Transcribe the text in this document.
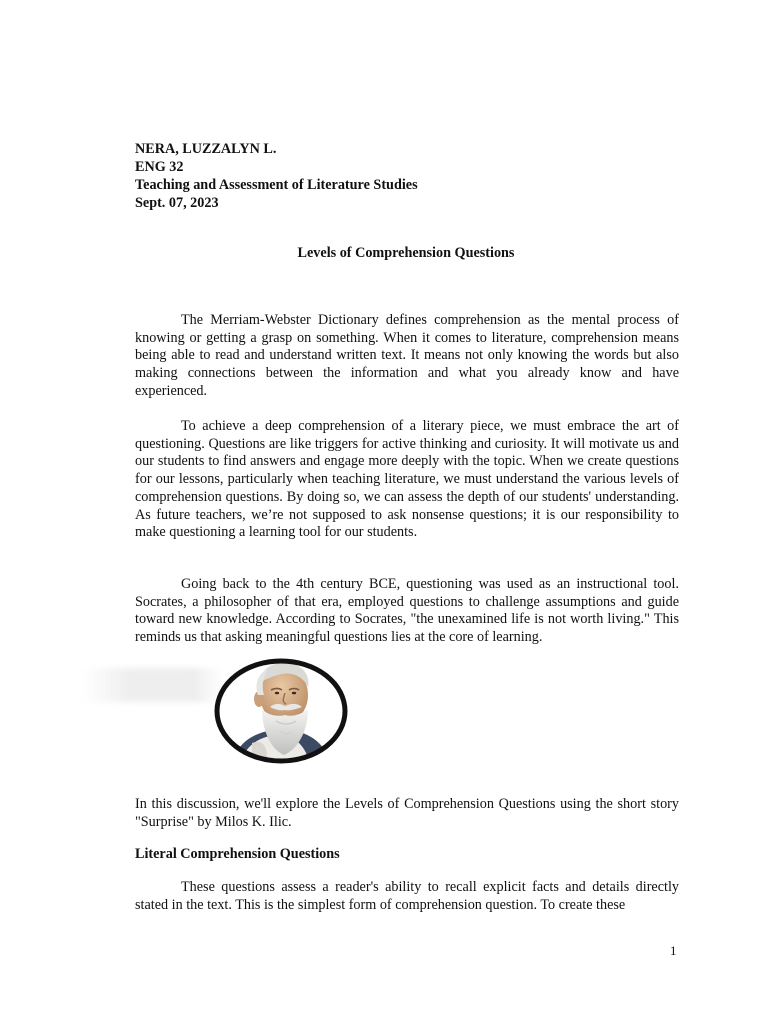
NERA, LUZZALYN L.
ENG 32
Teaching and Assessment of Literature Studies
Sept. 07, 2023
Levels of Comprehension Questions

The Merriam-Webster Dictionary defines comprehension as the mental process of knowing or getting a grasp on something. When it comes to literature, comprehension means being able to read and understand written text. It means not only knowing the words but also making connections between the information and what you already know and have experienced.

To achieve a deep comprehension of a literary piece, we must embrace the art of questioning. Questions are like triggers for active thinking and curiosity. It will motivate us and our students to find answers and engage more deeply with the topic. When we create questions for our lessons, particularly when teaching literature, we must understand the various levels of comprehension questions. By doing so, we can assess the depth of our students' understanding. As future teachers, we’re not supposed to ask nonsense questions; it is our responsibility to make questioning a learning tool for our students.

Going back to the 4th century BCE, questioning was used as an instructional tool. Socrates, a philosopher of that era, employed questions to challenge assumptions and guide toward new knowledge. According to Socrates, "the unexamined life is not worth living." This reminds us that asking meaningful questions lies at the core of learning.

In this discussion, we'll explore the Levels of Comprehension Questions using the short story "Surprise" by Milos K. Ilic.

Literal Comprehension Questions

These questions assess a reader's ability to recall explicit facts and details directly stated in the text. This is the simplest form of comprehension question. To create these

1
